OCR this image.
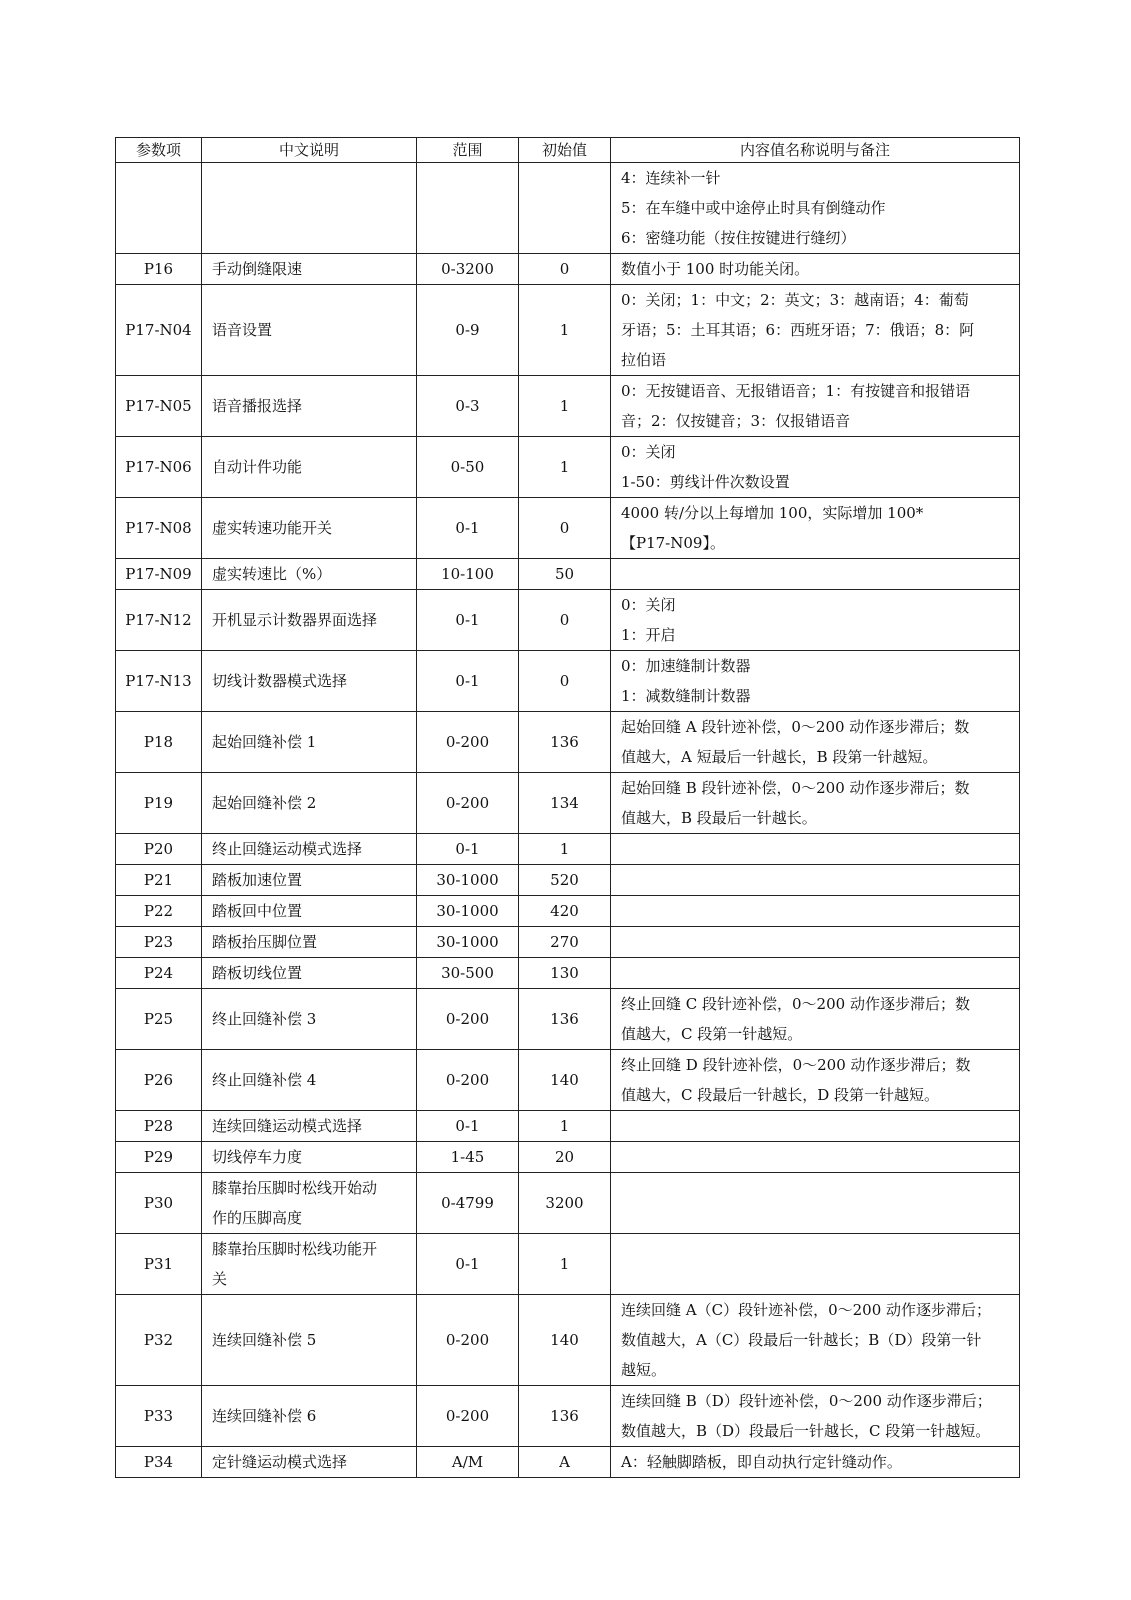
参数项	中文说明	范围	初始值	内容值名称说明与备注

				4：连续补一针
5：在车缝中或中途停止时具有倒缝动作
6：密缝功能（按住按键进行缝纫）

P16	手动倒缝限速	0-3200	0	数值小于 100 时功能关闭。

P17-N04	语音设置	0-9	1	0：关闭；1：中文；2：英文；3：越南语；4：葡萄
牙语；5：土耳其语；6：西班牙语；7：俄语；8：阿
拉伯语

P17-N05	语音播报选择	0-3	1	0：无按键语音、无报错语音；1：有按键音和报错语
音；2：仅按键音；3：仅报错语音

P17-N06	自动计件功能	0-50	1	0：关闭
1-50：剪线计件次数设置

P17-N08	虚实转速功能开关	0-1	0	4000 转/分以上每增加 100，实际增加 100*
【P17-N09】。

P17-N09	虚实转速比（%）	10-100	50	
P17-N12	开机显示计数器界面选择	0-1	0	0：关闭
1：开启

P17-N13	切线计数器模式选择	0-1	0	0：加速缝制计数器
1：减数缝制计数器

P18	起始回缝补偿 1	0-200	136	起始回缝 A 段针迹补偿，0～200 动作逐步滞后；数
值越大，A 短最后一针越长，B 段第一针越短。

P19	起始回缝补偿 2	0-200	134	起始回缝 B 段针迹补偿，0～200 动作逐步滞后；数
值越大，B 段最后一针越长。

P20	终止回缝运动模式选择	0-1	1	
P21	踏板加速位置	30-1000	520	
P22	踏板回中位置	30-1000	420	
P23	踏板抬压脚位置	30-1000	270	
P24	踏板切线位置	30-500	130	
P25	终止回缝补偿 3	0-200	136	终止回缝 C 段针迹补偿，0～200 动作逐步滞后；数
值越大，C 段第一针越短。

P26	终止回缝补偿 4	0-200	140	终止回缝 D 段针迹补偿，0～200 动作逐步滞后；数
值越大，C 段最后一针越长，D 段第一针越短。

P28	连续回缝运动模式选择	0-1	1	
P29	切线停车力度	1-45	20	
P30	膝靠抬压脚时松线开始动
作的压脚高度	0-4799	3200	
P31	膝靠抬压脚时松线功能开
关	0-1	1	
P32	连续回缝补偿 5	0-200	140	连续回缝 A（C）段针迹补偿，0～200 动作逐步滞后；
数值越大，A（C）段最后一针越长；B（D）段第一针
越短。

P33	连续回缝补偿 6	0-200	136	连续回缝 B（D）段针迹补偿，0～200 动作逐步滞后；
数值越大，B（D）段最后一针越长，C 段第一针越短。

P34	定针缝运动模式选择	A/M	A	A：轻触脚踏板，即自动执行定针缝动作。
